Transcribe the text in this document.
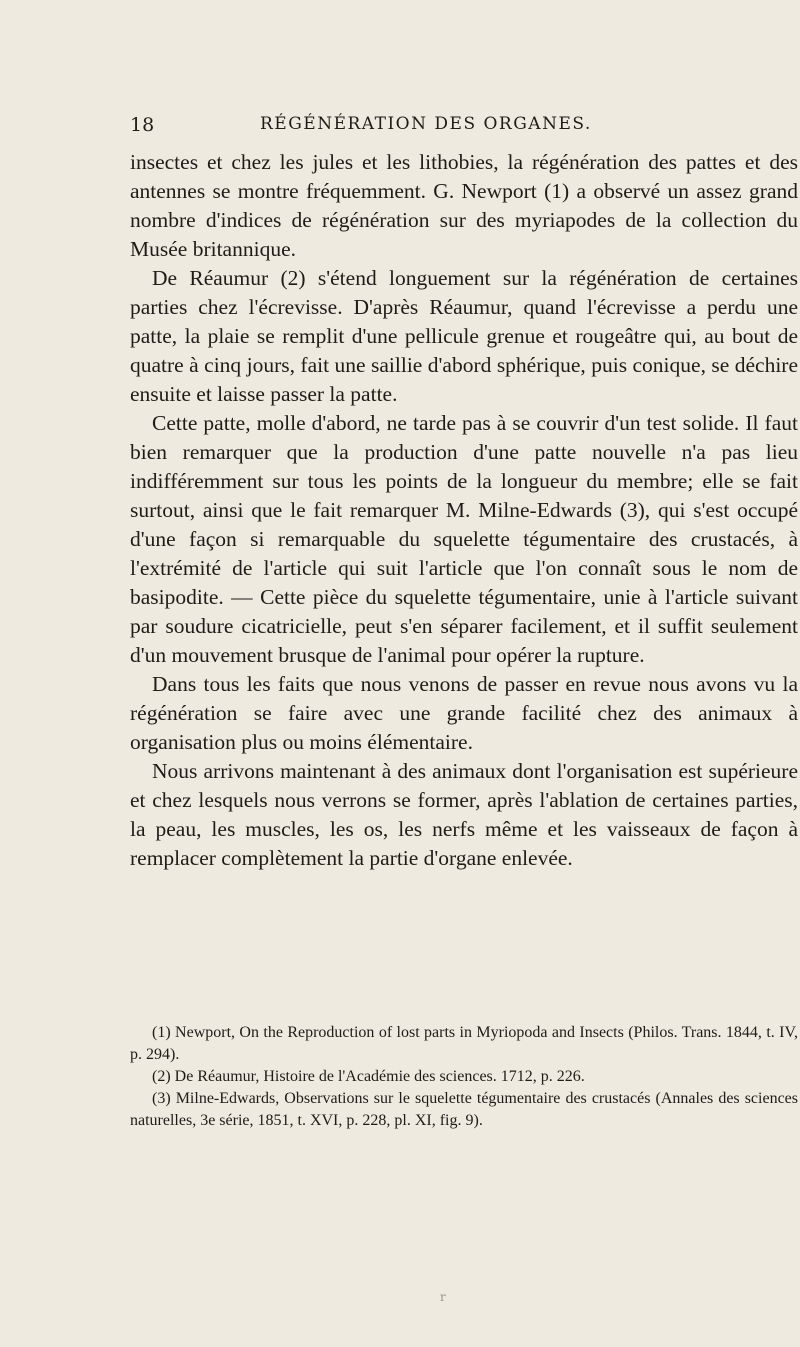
18	RÉGÉNÉRATION DES ORGANES.

insectes et chez les jules et les lithobies, la régénération des pattes et des antennes se montre fréquemment. G. Newport (1) a observé un assez grand nombre d'indices de régénération sur des myriapodes de la collection du Musée britannique.

De Réaumur (2) s'étend longuement sur la régénération de certaines parties chez l'écrevisse. D'après Réaumur, quand l'écrevisse a perdu une patte, la plaie se remplit d'une pellicule grenue et rougeâtre qui, au bout de quatre à cinq jours, fait une saillie d'abord sphérique, puis conique, se déchire ensuite et laisse passer la patte.

Cette patte, molle d'abord, ne tarde pas à se couvrir d'un test solide. Il faut bien remarquer que la production d'une patte nouvelle n'a pas lieu indifféremment sur tous les points de la longueur du membre; elle se fait surtout, ainsi que le fait remarquer M. Milne-Edwards (3), qui s'est occupé d'une façon si remarquable du squelette tégumentaire des crustacés, à l'extrémité de l'article qui suit l'article que l'on connaît sous le nom de basipodite. — Cette pièce du squelette tégumentaire, unie à l'article suivant par soudure cicatricielle, peut s'en séparer facilement, et il suffit seulement d'un mouvement brusque de l'animal pour opérer la rupture.

Dans tous les faits que nous venons de passer en revue nous avons vu la régénération se faire avec une grande facilité chez des animaux à organisation plus ou moins élémentaire.

Nous arrivons maintenant à des animaux dont l'organisation est supérieure et chez lesquels nous verrons se former, après l'ablation de certaines parties, la peau, les muscles, les os, les nerfs même et les vaisseaux de façon à remplacer complètement la partie d'organe enlevée.

(1) Newport, On the Reproduction of lost parts in Myriopoda and Insects (Philos. Trans. 1844, t. IV, p. 294).

(2) De Réaumur, Histoire de l'Académie des sciences. 1712, p. 226.

(3) Milne-Edwards, Observations sur le squelette tégumentaire des crustacés (Annales des sciences naturelles, 3e série, 1851, t. XVI, p. 228, pl. XI, fig. 9).

r
